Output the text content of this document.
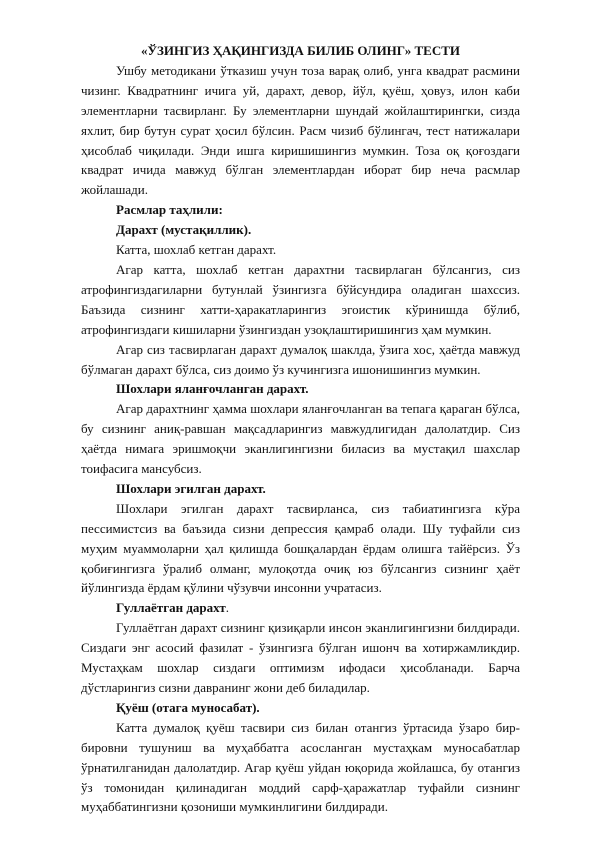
«ЎЗИНГИЗ ҲАҚИНГИЗДА БИЛИБ ОЛИНГ» ТЕСТИ

Ушбу методикани ўтказиш учун тоза варақ олиб, унга квадрат расмини чизинг. Квадратнинг ичига уй, дарахт, девор, йўл, қуёш, ҳовуз, илон каби элементларни тасвирланг. Бу элементларни шундай жойлаштирингки, сизда яхлит, бир бутун сурат ҳосил бўлсин. Расм чизиб бўлингач, тест натижалари ҳисоблаб чиқилади. Энди ишга киришишингиз мумкин. Тоза оқ қоғоздаги квадрат ичида мавжуд бўлган элементлардан иборат бир неча расмлар жойлашади.

Расмлар таҳлили:

Дарахт (мустақиллик).

Катта, шохлаб кетган дарахт.

Агар катта, шохлаб кетган дарахтни тасвирлаган бўлсангиз, сиз атрофингиздагиларни бутунлай ўзингизга бўйсундира оладиган шахссиз. Баъзида сизнинг хатти-ҳаракатларингиз эгоистик кўринишда бўлиб, атрофингиздаги кишиларни ўзингиздан узоқлаштиришингиз ҳам мумкин.

Агар сиз тасвирлаган дарахт думалоқ шаклда, ўзига хос, ҳаётда мавжуд бўлмаган дарахт бўлса, сиз доимо ўз кучингизга ишонишингиз мумкин.

Шохлари яланғочланган дарахт.

Агар дарахтнинг ҳамма шохлари яланғочланган ва тепага қараган бўлса, бу сизнинг аниқ-равшан мақсадларингиз мавжудлигидан далолатдир. Сиз ҳаётда нимага эришмоқчи эканлигингизни биласиз ва мустақил шахслар тоифасига мансубсиз.

Шохлари эгилган дарахт.

Шохлари эгилган дарахт тасвирланса, сиз табиатингизга кўра пессимистсиз ва баъзида сизни депрессия қамраб олади. Шу туфайли сиз муҳим муаммоларни ҳал қилишда бошқалардан ёрдам олишга тайёрсиз. Ўз қобиғингизга ўралиб олманг, мулоқотда очиқ юз бўлсангиз сизнинг ҳаёт йўлингизда ёрдам қўлини чўзувчи инсонни учратасиз.

Гуллаётган дарахт.

Гуллаётган дарахт сизнинг қизиқарли инсон эканлигингизни билдиради. Сиздаги энг асосий фазилат - ўзингизга бўлган ишонч ва хотиржамликдир. Мустаҳкам шохлар сиздаги оптимизм ифодаси ҳисобланади. Барча дўстларингиз сизни давранинг жони деб биладилар.

Қуёш (отага муносабат).

Катта думалоқ қуёш тасвири сиз билан отангиз ўртасида ўзаро бир-бировни тушуниш ва муҳаббатга асосланган мустаҳкам муносабатлар ўрнатилганидан далолатдир. Агар қуёш уйдан юқорида жойлашса, бу отангиз ўз томонидан қилинадиган моддий сарф-ҳаражатлар туфайли сизнинг муҳаббатингизни қозониши мумкинлигини билдиради.
